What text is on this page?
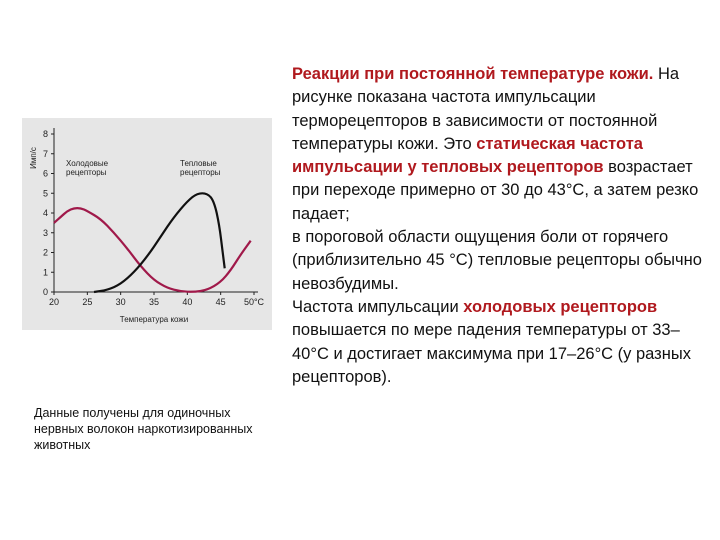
Имп/с
Температура кожи
Холодовые рецепторы
Тепловые рецепторы
0
1
2
3
4
5
6
7
8
20	25	30	35	40	45 50°C

Данные получены для одиночных нервных волокон наркотизированных животных

Реакции при постоянной температуре кожи. На рисунке показана частота импульсации терморецепторов в зависимости от постоянной температуры кожи. Это статическая частота импульсации у тепловых рецепторов возрастает при переходе примерно от 30 до 43°С, а затем резко падает;
в пороговой области ощущения боли от горячего (приблизительно 45 °С) тепловые рецепторы обычно невозбудимы.
Частота импульсации холодовых рецепторов повышается по мере падения температуры от 33–40°С и достигает максимума при 17–26°С (у разных рецепторов).
